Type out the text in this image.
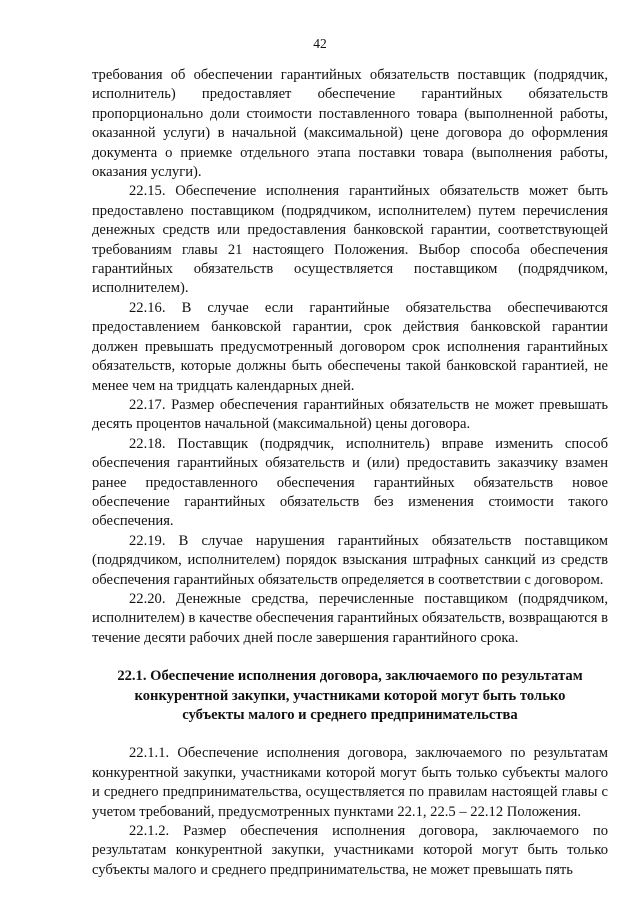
42

требования об обеспечении гарантийных обязательств поставщик (подрядчик, исполнитель) предоставляет обеспечение гарантийных обязательств пропорционально доли стоимости поставленного товара (выполненной работы, оказанной услуги) в начальной (максимальной) цене договора до оформления документа о приемке отдельного этапа поставки товара (выполнения работы, оказания услуги).

22.15. Обеспечение исполнения гарантийных обязательств может быть предоставлено поставщиком (подрядчиком, исполнителем) путем перечисления денежных средств или предоставления банковской гарантии, соответствующей требованиям главы 21 настоящего Положения. Выбор способа обеспечения гарантийных обязательств осуществляется поставщиком (подрядчиком, исполнителем).

22.16. В случае если гарантийные обязательства обеспечиваются предоставлением банковской гарантии, срок действия банковской гарантии должен превышать предусмотренный договором срок исполнения гарантийных обязательств, которые должны быть обеспечены такой банковской гарантией, не менее чем на тридцать календарных дней.

22.17. Размер обеспечения гарантийных обязательств не может превышать десять процентов начальной (максимальной) цены договора.

22.18. Поставщик (подрядчик, исполнитель) вправе изменить способ обеспечения гарантийных обязательств и (или) предоставить заказчику взамен ранее предоставленного обеспечения гарантийных обязательств новое обеспечение гарантийных обязательств без изменения стоимости такого обеспечения.

22.19. В случае нарушения гарантийных обязательств поставщиком (подрядчиком, исполнителем) порядок взыскания штрафных санкций из средств обеспечения гарантийных обязательств определяется в соответствии с договором.

22.20. Денежные средства, перечисленные поставщиком (подрядчиком, исполнителем) в качестве обеспечения гарантийных обязательств, возвращаются в течение десяти рабочих дней после завершения гарантийного срока.

22.1. Обеспечение исполнения договора, заключаемого по результатам конкурентной закупки, участниками которой могут быть только субъекты малого и среднего предпринимательства

22.1.1. Обеспечение исполнения договора, заключаемого по результатам конкурентной закупки, участниками которой могут быть только субъекты малого и среднего предпринимательства, осуществляется по правилам настоящей главы с учетом требований, предусмотренных пунктами 22.1, 22.5 – 22.12 Положения.

22.1.2. Размер обеспечения исполнения договора, заключаемого по результатам конкурентной закупки, участниками которой могут быть только субъекты малого и среднего предпринимательства, не может превышать пять
